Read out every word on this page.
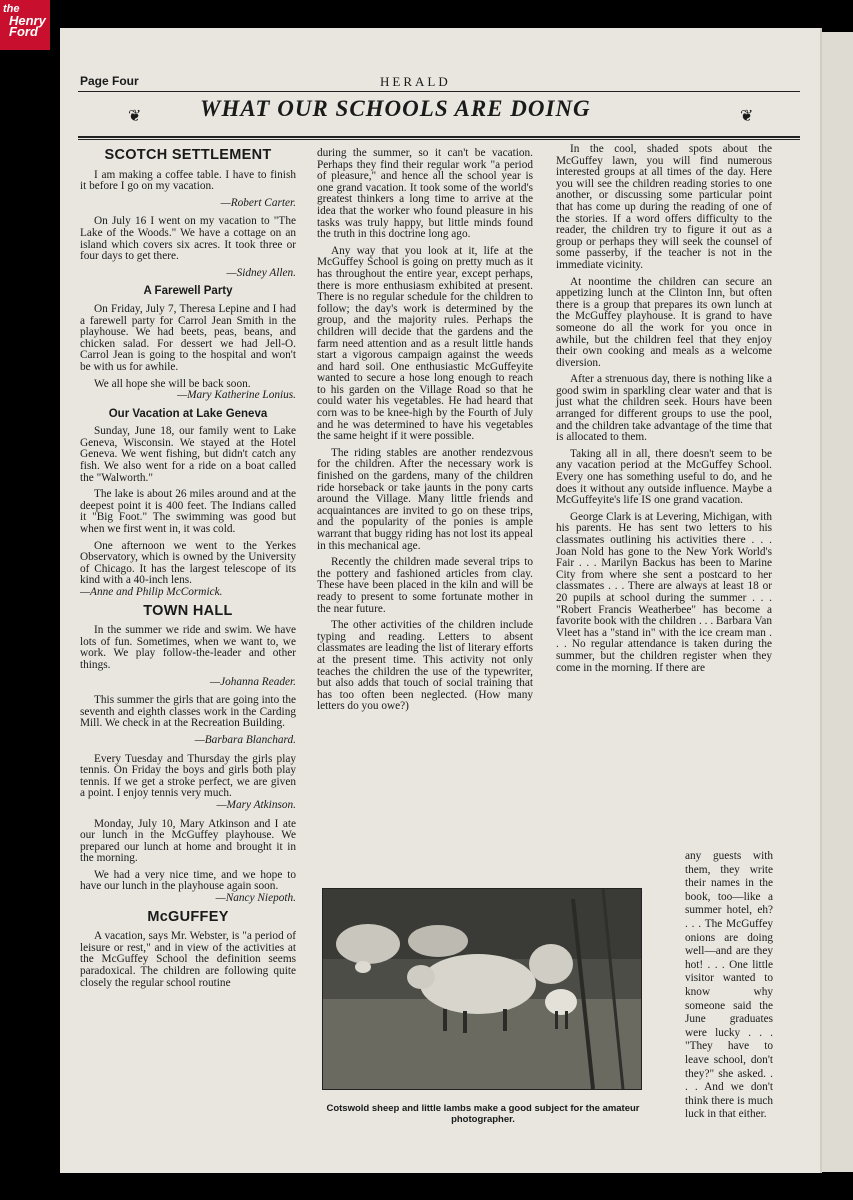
the
Henry
Ford
Page Four	HERALD
❦	WHAT OUR SCHOOLS ARE DOING	❦
SCOTCH SETTLEMENT

I am making a coffee table. I have to finish it before I go on my vacation.

—Robert Carter.

On July 16 I went on my vacation to "The Lake of the Woods." We have a cottage on an island which covers six acres. It took three or four days to get there.

—Sidney Allen.

A Farewell Party

On Friday, July 7, Theresa Lepine and I had a farewell party for Carrol Jean Smith in the playhouse. We had beets, peas, beans, and chicken salad. For dessert we had Jell-O. Carrol Jean is going to the hospital and won't be with us for awhile.

We all hope she will be back soon.

—Mary Katherine Lonius.

Our Vacation at Lake Geneva

Sunday, June 18, our family went to Lake Geneva, Wisconsin. We stayed at the Hotel Geneva. We went fishing, but didn't catch any fish. We also went for a ride on a boat called the "Walworth."

The lake is about 26 miles around and at the deepest point it is 400 feet. The Indians called it "Big Foot." The swimming was good but when we first went in, it was cold.

One afternoon we went to the Yerkes Observatory, which is owned by the University of Chicago. It has the largest telescope of its kind with a 40-inch lens.

—Anne and Philip McCormick.

TOWN HALL

In the summer we ride and swim. We have lots of fun. Sometimes, when we want to, we work. We play follow-the-leader and other things.

—Johanna Reader.

This summer the girls that are going into the seventh and eighth classes work in the Carding Mill. We check in at the Recreation Building.

—Barbara Blanchard.

Every Tuesday and Thursday the girls play tennis. On Friday the boys and girls both play tennis. If we get a stroke perfect, we are given a point. I enjoy tennis very much.

—Mary Atkinson.

Monday, July 10, Mary Atkinson and I ate our lunch in the McGuffey playhouse. We prepared our lunch at home and brought it in the morning.

We had a very nice time, and we hope to have our lunch in the playhouse again soon.

—Nancy Niepoth.

McGUFFEY

A vacation, says Mr. Webster, is "a period of leisure or rest," and in view of the activities at the McGuffey School the definition seems paradoxical. The children are following quite closely the regular school routine

during the summer, so it can't be vacation. Perhaps they find their regular work "a period of pleasure," and hence all the school year is one grand vacation. It took some of the world's greatest thinkers a long time to arrive at the idea that the worker who found pleasure in his tasks was truly happy, but little minds found the truth in this doctrine long ago.

Any way that you look at it, life at the McGuffey School is going on pretty much as it has throughout the entire year, except perhaps, there is more enthusiasm exhibited at present. There is no regular schedule for the children to follow; the day's work is determined by the group, and the majority rules. Perhaps the children will decide that the gardens and the farm need attention and as a result little hands start a vigorous campaign against the weeds and hard soil. One enthusiastic McGuffeyite wanted to secure a hose long enough to reach to his garden on the Village Road so that he could water his vegetables. He had heard that corn was to be knee-high by the Fourth of July and he was determined to have his vegetables the same height if it were possible.

The riding stables are another rendezvous for the children. After the necessary work is finished on the gardens, many of the children ride horseback or take jaunts in the pony carts around the Village. Many little friends and acquaintances are invited to go on these trips, and the popularity of the ponies is ample warrant that buggy riding has not lost its appeal in this mechanical age.

Recently the children made several trips to the pottery and fashioned articles from clay. These have been placed in the kiln and will be ready to present to some fortunate mother in the near future.

The other activities of the children include typing and reading. Letters to absent classmates are leading the list of literary efforts at the present time. This activity not only teaches the children the use of the typewriter, but also adds that touch of social training that has too often been neglected. (How many letters do you owe?)

In the cool, shaded spots about the McGuffey lawn, you will find numerous interested groups at all times of the day. Here you will see the children reading stories to one another, or discussing some particular point that has come up during the reading of one of the stories. If a word offers difficulty to the reader, the children try to figure it out as a group or perhaps they will seek the counsel of some passerby, if the teacher is not in the immediate vicinity.

At noontime the children can secure an appetizing lunch at the Clinton Inn, but often there is a group that prepares its own lunch at the McGuffey playhouse. It is grand to have someone do all the work for you once in awhile, but the children feel that they enjoy their own cooking and meals as a welcome diversion.

After a strenuous day, there is nothing like a good swim in sparkling clear water and that is just what the children seek. Hours have been arranged for different groups to use the pool, and the children take advantage of the time that is allocated to them.

Taking all in all, there doesn't seem to be any vacation period at the McGuffey School. Every one has something useful to do, and he does it without any outside influence. Maybe a McGuffeyite's life IS one grand vacation.

George Clark is at Levering, Michigan, with his parents. He has sent two letters to his classmates outlining his activities there . . . Joan Nold has gone to the New York World's Fair . . . Marilyn Backus has been to Marine City from where she sent a postcard to her classmates . . . There are always at least 18 or 20 pupils at school during the summer . . . "Robert Francis Weatherbee" has become a favorite book with the children . . . Barbara Van Vleet has a "stand in" with the ice cream man . . . No regular attendance is taken during the summer, but the children register when they come in the morning. If there are

any guests with them, they write their names in the book, too—like a summer hotel, eh? . . . The McGuffey onions are doing well—and are they hot! . . . One little visitor wanted to know why someone said the June graduates were lucky . . . "They have to leave school, don't they?" she asked. . . . And we don't think there is much luck in that either.

Cotswold sheep and little lambs make a good subject for the amateur photographer.
